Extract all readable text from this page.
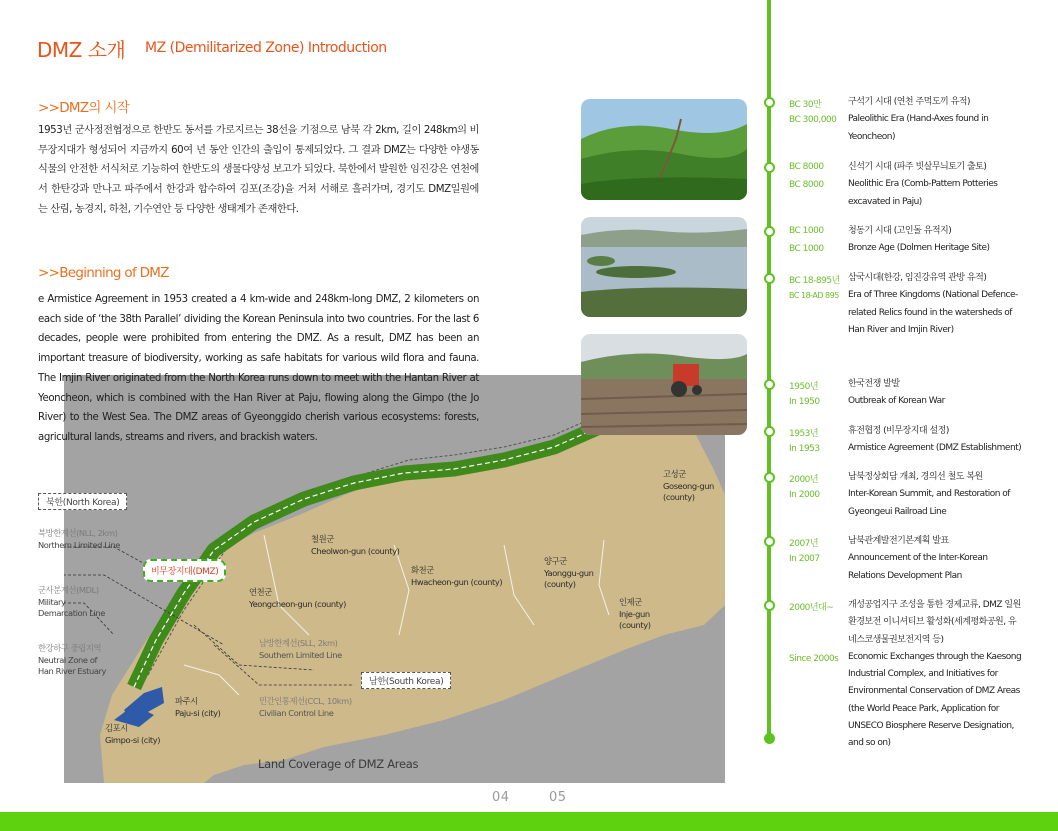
DMZ 소개 MZ (Demilitarized Zone) Introduction
>>DMZ의 시작
1953년 군사정전협정으로 한반도 동서를 가로지르는 38선을 기점으로 남북 각 2km, 길이 248km의 비무장지대가 형성되어 지금까지 60여 년 동안 인간의 출입이 통제되었다. 그 결과 DMZ는 다양한 야생동식물의 안전한 서식처로 기능하여 한반도의 생물다양성 보고가 되었다. 북한에서 발원한 임진강은 연천에서 한탄강과 만나고 파주에서 한강과 합수하여 김포(조강)을 거쳐 서해로 흘러가며, 경기도 DMZ일원에는 산림, 농경지, 하천, 기수연안 등 다양한 생태계가 존재한다.
>>Beginning of DMZ
북한(North Korea)
남한(South Korea)
철원군
Cheolwon-gun (county)
화천군
Hwacheon-gun (county)
양구군
Yaonggu-gun
(county)
인제군
Inje-gun
(county)
고성군
Goseong-gun
(county)
연천군
Yeongcheon-gun (county)
파주시
Paju-si (city)
김포시
Gimpo-si (city)
남방한계선(SLL, 2km)
Southern Limited Line
민간인통제선(CCL, 10km)
Civilian Control Line
Land Coverage of DMZ Areas
북방한계선(NLL, 2km)
Northern Limited Line
군사분계선(MDL)
Military
Demarcation Line
한강하구 중립지역
Neutral Zone of
Han River Estuary
비무장지대(DMZ)
e Armistice Agreement in 1953 created a 4 km-wide and 248km-long DMZ, 2 kilometers on each side of ‘the 38th Parallel’ dividing the Korean Peninsula into two countries. For the last 6 decades, people were prohibited from entering the DMZ. As a result, DMZ has been an important treasure of biodiversity, working as safe habitats for various wild flora and fauna. The Imjin River originated from the North Korea runs down to meet with the Hantan River at Yeoncheon, which is combined with the Han River at Paju, flowing along the Gimpo (the Jo River) to the West Sea. The DMZ areas of Gyeonggido cherish various ecosystems: forests, agricultural lands, streams and rivers, and brackish waters.
BC 30만
BC 300,000
구석기 시대 (연천 주먹도끼 유적)
Paleolithic Era (Hand-Axes found in Yeoncheon)
BC 8000
BC 8000
신석기 시대 (파주 빗살무늬토기 출토)
Neolithic Era (Comb-Pattern Potteries excavated in Paju)
BC 1000
BC 1000
청동기 시대 (고인돌 유적지)
Bronze Age (Dolmen Heritage Site)
BC 18-895년
BC 18-AD 895
삼국시대(한강, 임진강유역 관방 유적)
Era of Three Kingdoms (National Defence-related Relics found in the watersheds of Han River and Imjin River)
1950년
In 1950
한국전쟁 발발
Outbreak of Korean War
1953년
In 1953
휴전협정 (비무장지대 설정)
Armistice Agreement (DMZ Establishment)
2000년
In 2000
남북정상회담 개최, 경의선 철도 복원
Inter-Korean Summit, and Restoration of Gyeongeui Railroad Line
2007년
In 2007
남북관계발전기본계획 발표
Announcement of the Inter-Korean Relations Development Plan
2000년대~
Since 2000s
개성공업지구 조성을 통한 경제교류, DMZ 일원 환경보전 이니셔티브 활성화(세계평화공원, 유네스코생물권보전지역 등)
Economic Exchanges through the Kaesong Industrial Complex, and Initiatives for Environmental Conservation of DMZ Areas (the World Peace Park, Application for UNSECO Biosphere Reserve Designation, and so on)
04	05
